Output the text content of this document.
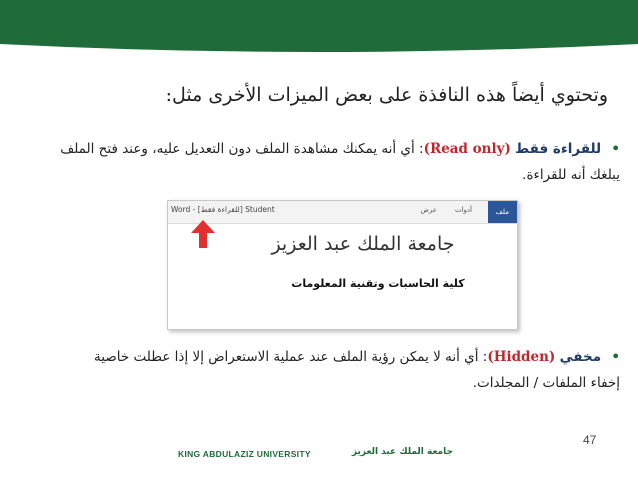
وتحتوي أيضاً هذه النافذة على بعض الميزات الأخرى مثل:
• للقراءة فقط (Read only): أي أنه يمكنك مشاهدة الملف دون التعديل عليه، وعند فتح الملف
يبلغك أنه للقراءة.
Word - [للقراءة فقط] Student	ملف
أدوات
عرض
جامعة الملك عبد العزيز
كلية الحاسبات وتقنية المعلومات
• مخفي (Hidden): أي أنه لا يمكن رؤية الملف عند عملية الاستعراض إلا إذا عطلت خاصية
إخفاء الملفات / المجلدات.
47
KING ABDULAZIZ UNIVERSITY	جامعة الملك عبد العزيز
